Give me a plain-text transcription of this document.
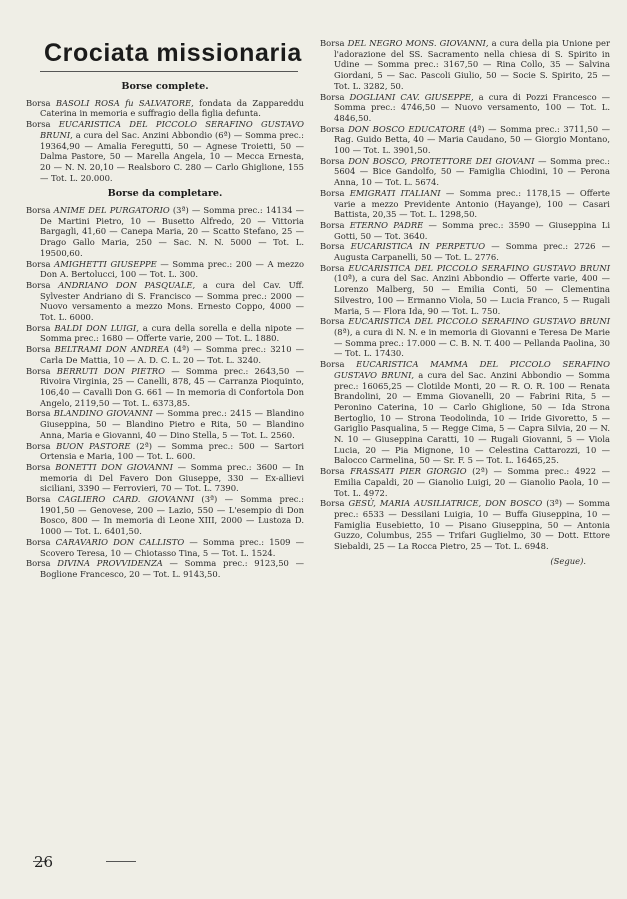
Crociata missionaria
Borse complete.

Borsa BASOLI ROSA fu SALVATORE, fondata da Zappareddu Caterina in memoria e suffragio della figlia defunta.

Borsa EUCARISTICA DEL PICCOLO SERAFINO GUSTAVO BRUNI, a cura del Sac. Anzini Abbondio (6ª) — Somma prec.: 19364,90 — Amalia Feregutti, 50 — Agnese Troietti, 50 — Dalma Pastore, 50 — Marella Angela, 10 — Mecca Ernesta, 20 — N. N. 20,10 — Realsboro C. 280 — Carlo Ghiglione, 155 — Tot. L. 20.000.

Borse da completare.

Borsa ANIME DEL PURGATORIO (3ª) — Somma prec.: 14134 — De Martini Pietro, 10 — Busetto Alfredo, 20 — Vittoria Bargagli, 41,60 — Canepa Maria, 20 — Scatto Stefano, 25 — Drago Gallo Maria, 250 — Sac. N. N. 5000 — Tot. L. 19500,60.

Borsa AMIGHETTI GIUSEPPE — Somma prec.: 200 — A mezzo Don A. Bertolucci, 100 — Tot. L. 300.

Borsa ANDRIANO DON PASQUALE, a cura del Cav. Uff. Sylvester Andriano di S. Francisco — Somma prec.: 2000 — Nuovo versamento a mezzo Mons. Ernesto Coppo, 4000 — Tot. L. 6000.

Borsa BALDI DON LUIGI, a cura della sorella e della nipote — Somma prec.: 1680 — Offerte varie, 200 — Tot. L. 1880.

Borsa BELTRAMI DON ANDREA (4ª) — Somma prec.: 3210 — Carla De Mattia, 10 — A. D. C. L. 20 — Tot. L. 3240.

Borsa BERRUTI DON PIETRO — Somma prec.: 2643,50 — Rivoira Virginia, 25 — Canelli, 878, 45 — Carranza Pioquinto, 106,40 — Cavalli Don G. 661 — In memoria di Confortola Don Angelo, 2119,50 — Tot. L. 6373,85.

Borsa BLANDINO GIOVANNI — Somma prec.: 2415 — Blandino Giuseppina, 50 — Blandino Pietro e Rita, 50 — Blandino Anna, Maria e Giovanni, 40 — Dino Stella, 5 — Tot. L. 2560.

Borsa BUON PASTORE (2ª) — Somma prec.: 500 — Sartori Ortensia e Maria, 100 — Tot. L. 600.

Borsa BONETTI DON GIOVANNI — Somma prec.: 3600 — In memoria di Del Favero Don Giuseppe, 330 — Ex-allievi siciliani, 3390 — Ferrovieri, 70 — Tot. L. 7390.

Borsa CAGLIERO CARD. GIOVANNI (3ª) — Somma prec.: 1901,50 — Genovese, 200 — Lazio, 550 — L'esempio di Don Bosco, 800 — In memoria di Leone XIII, 2000 — Lustoza D. 1000 — Tot. L. 6401,50.

Borsa CARAVARIO DON CALLISTO — Somma prec.: 1509 — Scovero Teresa, 10 — Chiotasso Tina, 5 — Tot. L. 1524.

Borsa DIVINA PROVVIDENZA — Somma prec.: 9123,50 — Boglione Francesco, 20 — Tot. L. 9143,50.

Borsa DEL NEGRO MONS. GIOVANNI, a cura della pia Unione per l'adorazione del SS. Sacramento nella chiesa di S. Spirito in Udine — Somma prec.: 3167,50 — Rina Collo, 35 — Salvina Giordani, 5 — Sac. Pascoli Giulio, 50 — Socie S. Spirito, 25 — Tot. L. 3282, 50.

Borsa DOGLIANI CAV. GIUSEPPE, a cura di Pozzi Francesco — Somma prec.: 4746,50 — Nuovo versamento, 100 — Tot. L. 4846,50.

Borsa DON BOSCO EDUCATORE (4ª) — Somma prec.: 3711,50 — Rag. Guido Betta, 40 — Maria Caudano, 50 — Giorgio Montano, 100 — Tot. L. 3901,50.

Borsa DON BOSCO, PROTETTORE DEI GIOVANI — Somma prec.: 5604 — Bice Gandolfo, 50 — Famiglia Chiodini, 10 — Perona Anna, 10 — Tot. L. 5674.

Borsa EMIGRATI ITALIANI — Somma prec.: 1178,15 — Offerte varie a mezzo Previdente Antonio (Hayange), 100 — Casari Battista, 20,35 — Tot. L. 1298,50.

Borsa ETERNO PADRE — Somma prec.: 3590 — Giuseppina Li Gotti, 50 — Tot. 3640.

Borsa EUCARISTICA IN PERPETUO — Somma prec.: 2726 — Augusta Carpanelli, 50 — Tot. L. 2776.

Borsa EUCARISTICA DEL PICCOLO SERAFINO GUSTAVO BRUNI (10ª), a cura del Sac. Anzini Abbondio — Offerte varie, 400 — Lorenzo Malberg, 50 — Emilia Conti, 50 — Clementina Silvestro, 100 — Ermanno Viola, 50 — Lucia Franco, 5 — Rugali Maria, 5 — Flora Ida, 90 — Tot. L. 750.

Borsa EUCARISTICA DEL PICCOLO SERAFINO GUSTAVO BRUNI (8ª), a cura di N. N. e in memoria di Giovanni e Teresa De Marie — Somma prec.: 17.000 — C. B. N. T. 400 — Pellanda Paolina, 30 — Tot. L. 17430.

Borsa EUCARISTICA MAMMA DEL PICCOLO SERAFINO GUSTAVO BRUNI, a cura del Sac. Anzini Abbondio — Somma prec.: 16065,25 — Clotilde Monti, 20 — R. O. R. 100 — Renata Brandolini, 20 — Emma Giovanelli, 20 — Fabrini Rita, 5 — Peronino Caterina, 10 — Carlo Ghiglione, 50 — Ida Strona Bertoglio, 10 — Strona Teodolinda, 10 — Iride Givoretto, 5 — Gariglio Pasqualina, 5 — Regge Cima, 5 — Capra Silvia, 20 — N. N. 10 — Giuseppina Caratti, 10 — Rugali Giovanni, 5 — Viola Lucia, 20 — Pia Mignone, 10 — Celestina Cattarozzi, 10 — Balocco Carmelina, 50 — Sr. F. 5 — Tot. L. 16465,25.

Borsa FRASSATI PIER GIORGIO (2ª) — Somma prec.: 4922 — Emilia Capaldi, 20 — Gianolio Luigi, 20 — Gianolio Paola, 10 — Tot. L. 4972.

Borsa GESÙ, MARIA AUSILIATRICE, DON BOSCO (3ª) — Somma prec.: 6533 — Dessilani Luigia, 10 — Buffa Giuseppina, 10 — Famiglia Eusebietto, 10 — Pisano Giuseppina, 50 — Antonia Guzzo, Columbus, 255 — Trifari Guglielmo, 30 — Dott. Ettore Siebaldi, 25 — La Rocca Pietro, 25 — Tot. L. 6948.

(Segue).
26
